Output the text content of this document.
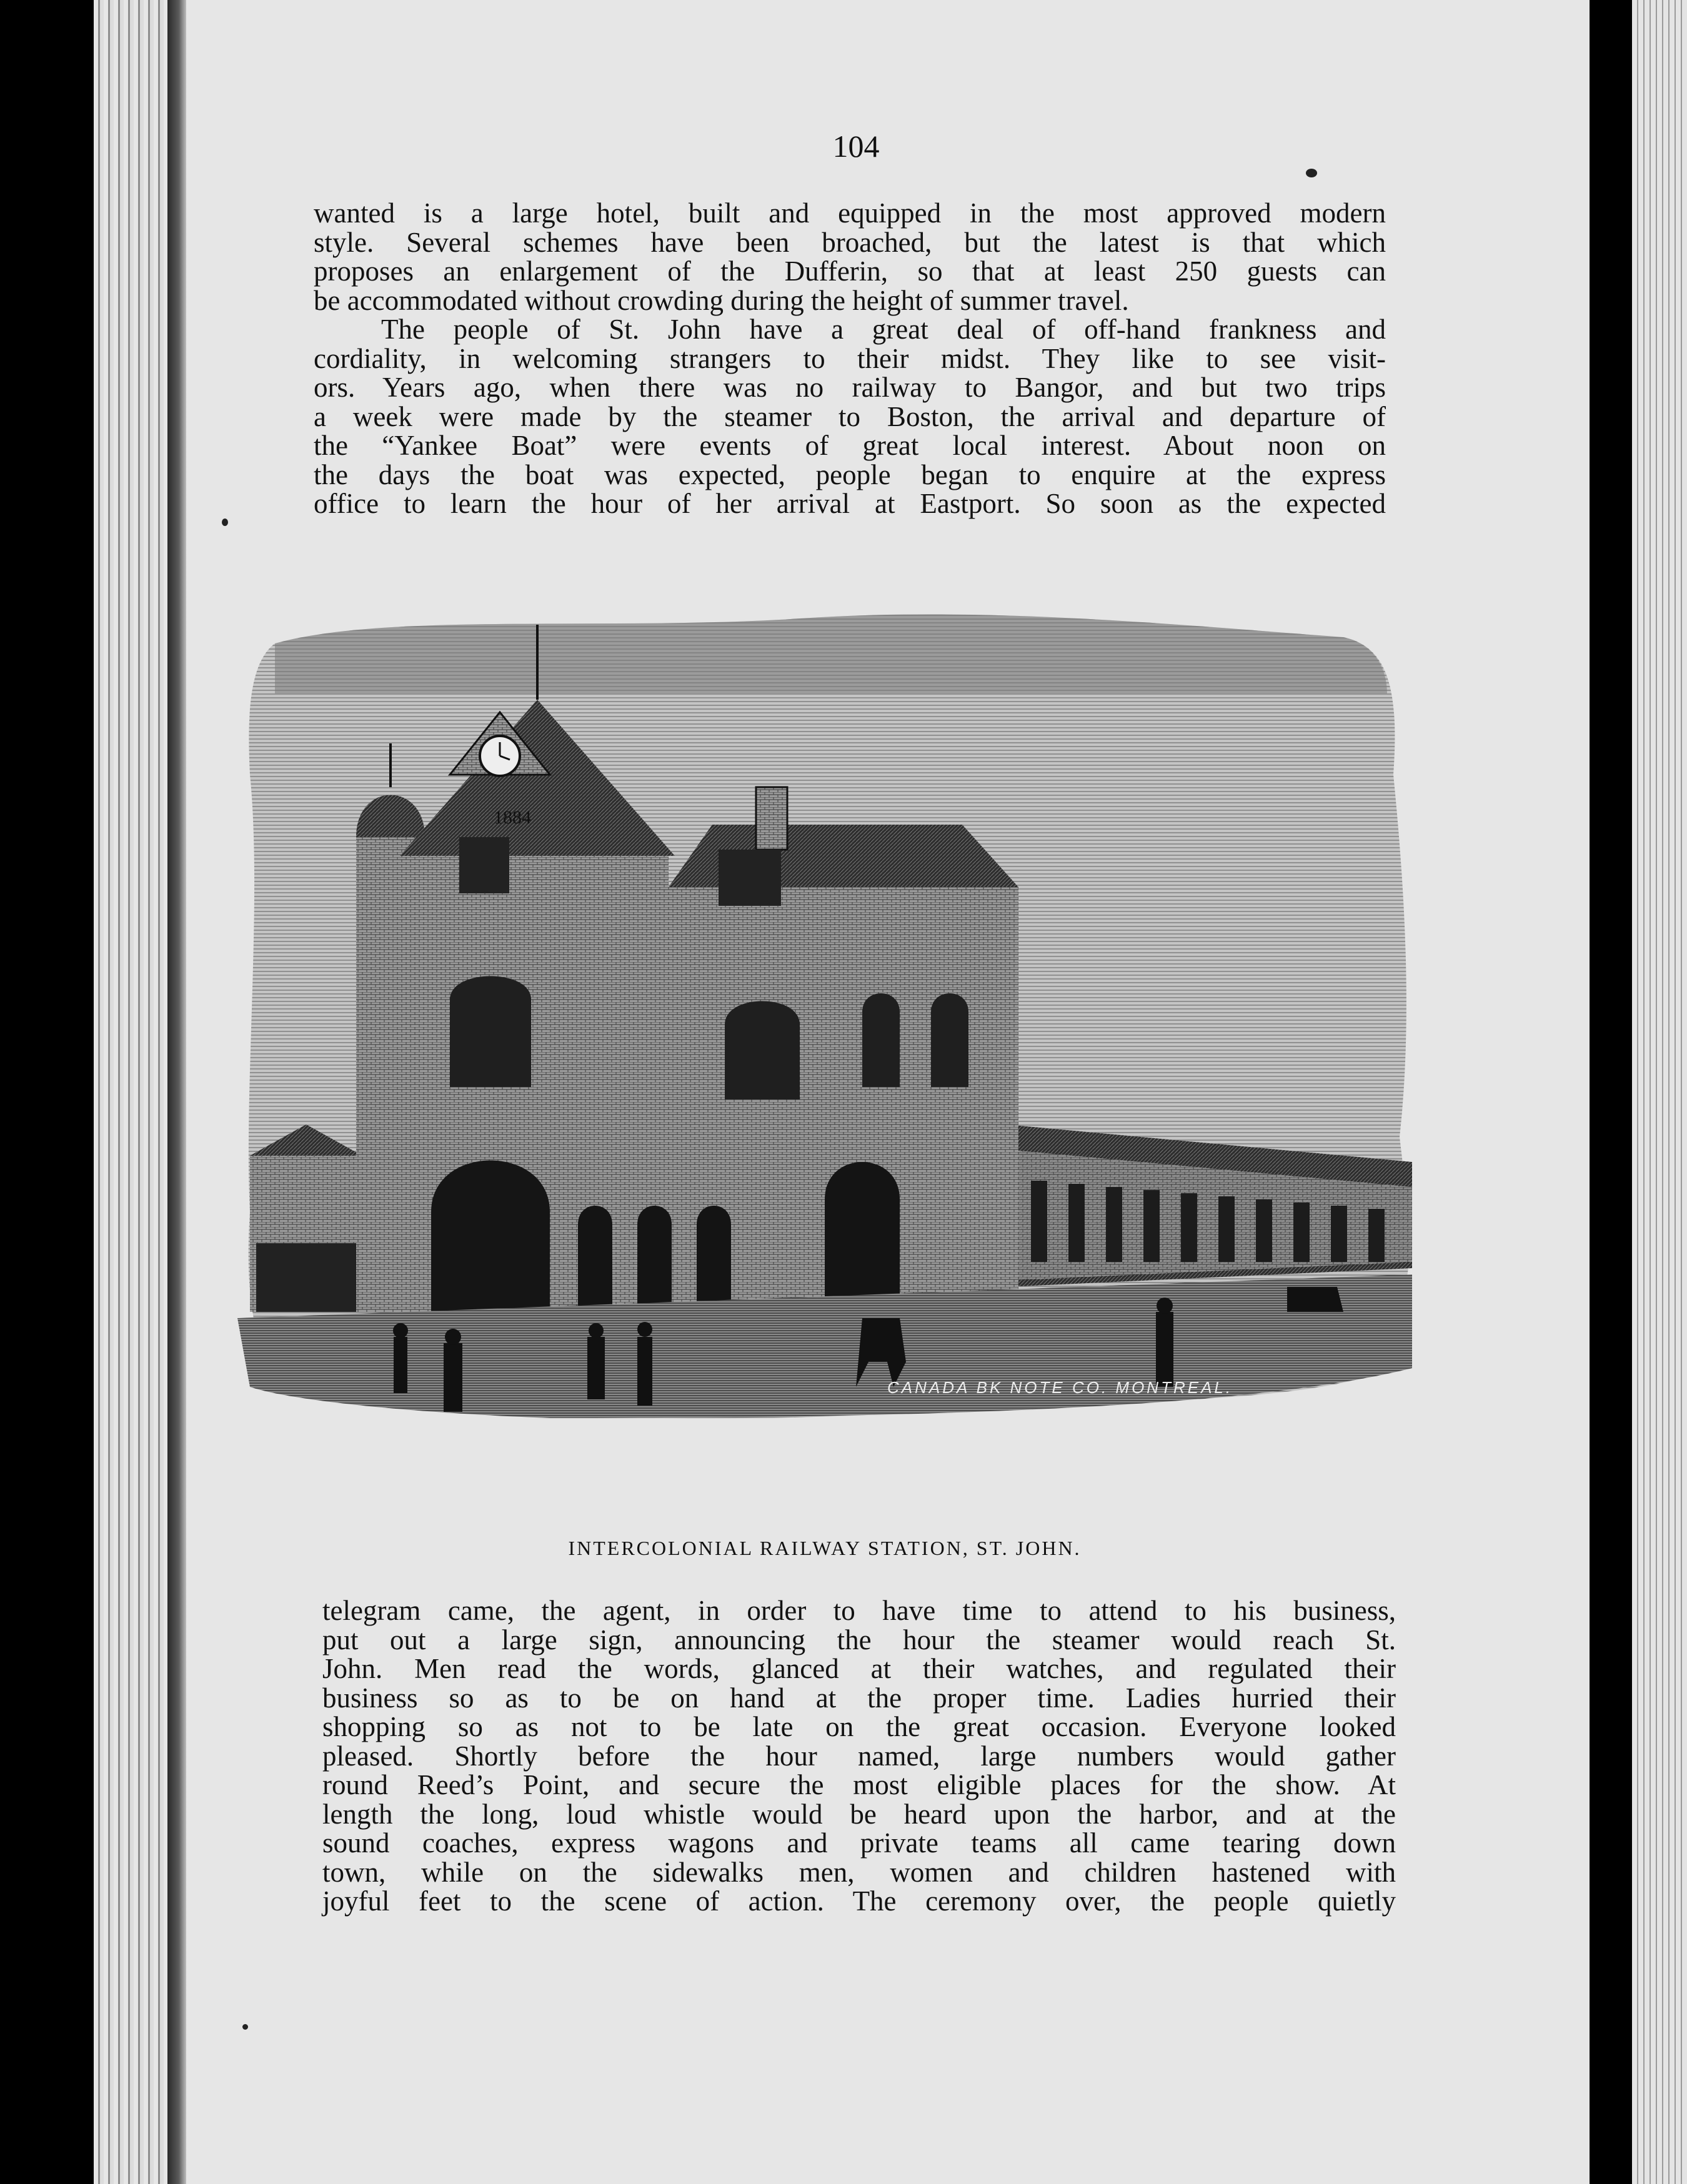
104
wanted is a large hotel, built and equipped in the most approved modern
style. Several schemes have been broached, but the latest is that which
proposes an enlargement of the Dufferin, so that at least 250 guests can
be accommodated without crowding during the height of summer travel.
The people of St. John have a great deal of off-hand frankness and
cordiality, in welcoming strangers to their midst. They like to see visit-
ors. Years ago, when there was no railway to Bangor, and but two trips
a week were made by the steamer to Boston, the arrival and departure of
the “Yankee Boat” were events of great local interest. About noon on
the days the boat was expected, people began to enquire at the express
office to learn the hour of her arrival at Eastport. So soon as the expected
1884
CANADA BK NOTE CO. MONTREAL.
INTERCOLONIAL RAILWAY STATION, ST. JOHN.
telegram came, the agent, in order to have time to attend to his business,
put out a large sign, announcing the hour the steamer would reach St.
John. Men read the words, glanced at their watches, and regulated their
business so as to be on hand at the proper time. Ladies hurried their
shopping so as not to be late on the great occasion. Everyone looked
pleased. Shortly before the hour named, large numbers would gather
round Reed’s Point, and secure the most eligible places for the show. At
length the long, loud whistle would be heard upon the harbor, and at the
sound coaches, express wagons and private teams all came tearing down
town, while on the sidewalks men, women and children hastened with
joyful feet to the scene of action. The ceremony over, the people quietly
